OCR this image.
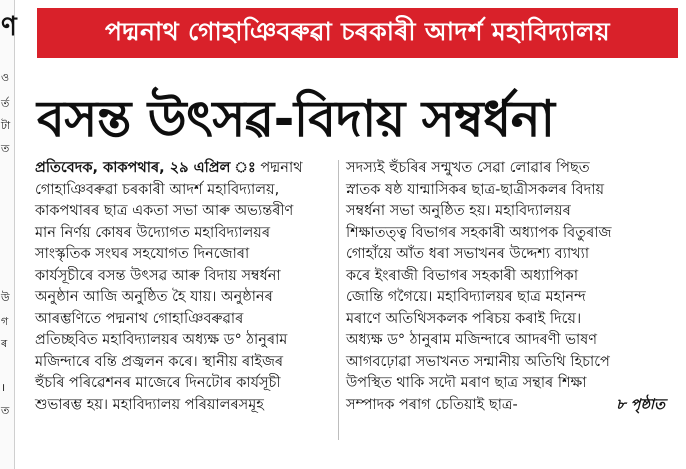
ণ
ও
র্ত
টা
ত
উ
গ
ৰ
।
ত
পদ্মনাথ গোহাঞিবৰুৱা চৰকাৰী আদৰ্শ মহাবিদ্যালয়
বসন্ত উৎসৱ-বিদায় সম্বৰ্ধনা
প্ৰতিবেদক, কাকপথাৰ, ২৯ এপ্ৰিল ঃ পদ্মনাথ
গোহাঞিবৰুৱা চৰকাৰী আদৰ্শ মহাবিদ্যালয়,
কাকপথাৰৰ ছাত্ৰ একতা সভা আৰু অভ্যন্তৰীণ
মান নিৰ্ণয় কোষৰ উদ্যোগত মহাবিদ্যালয়ৰ
সাংস্কৃতিক সংঘৰ সহযোগত দিনজোৰা
কাৰ্যসূচীৰে বসন্ত উৎসৱ আৰু বিদায় সম্বৰ্ধনা
অনুষ্ঠান আজি অনুষ্ঠিত হৈ যায়। অনুষ্ঠানৰ
আৰম্ভণিতে পদ্মনাথ গোহাঞিবৰুৱাৰ
প্ৰতিচ্ছবিত মহাবিদ্যালয়ৰ অধ্যক্ষ ড° ঠানুৰাম
মজিন্দাৰে বন্তি প্ৰজ্বলন কৰে। স্থানীয় ৰাইজৰ
হুঁচৰি পৰিৱেশনৰ মাজেৰে দিনটোৰ কাৰ্যসূচী
শুভাৰম্ভ হয়। মহাবিদ্যালয় পৰিয়ালৰসমূহ
সদস্যই হুঁচৰিৰ সন্মুখত সেৱা লোৱাৰ পিছত
স্নাতক ষষ্ঠ যান্মাসিকৰ ছাত্ৰ-ছাত্ৰীসকলৰ বিদায়
সম্বৰ্ধনা সভা অনুষ্ঠিত হয়। মহাবিদ্যালয়ৰ
শিক্ষাতত্ত্ব বিভাগৰ সহকাৰী অধ্যাপক বিতুৰাজ
গোহাঁয়ে আঁত ধৰা সভাখনৰ উদ্দেশ্য ব্যাখ্যা
কৰে ইংৰাজী বিভাগৰ সহকাৰী অধ্যাপিকা
জোন্তি গগৈয়ে। মহাবিদ্যালয়ৰ ছাত্ৰ মহানন্দ
মৰাণে অতিথিসকলক পৰিচয় কৰাই দিয়ে।
অধ্যক্ষ ড° ঠানুৰাম মজিন্দাৰে আদৰণী ভাষণ
আগবঢ়োৱা সভাখনত সন্মানীয় অতিথি হিচাপে
উপস্থিত থাকি সদৌ মৰাণ ছাত্ৰ সন্থাৰ শিক্ষা
সম্পাদক পৰাগ চেতিয়াই ছাত্ৰ-	৮ পৃষ্ঠাত
